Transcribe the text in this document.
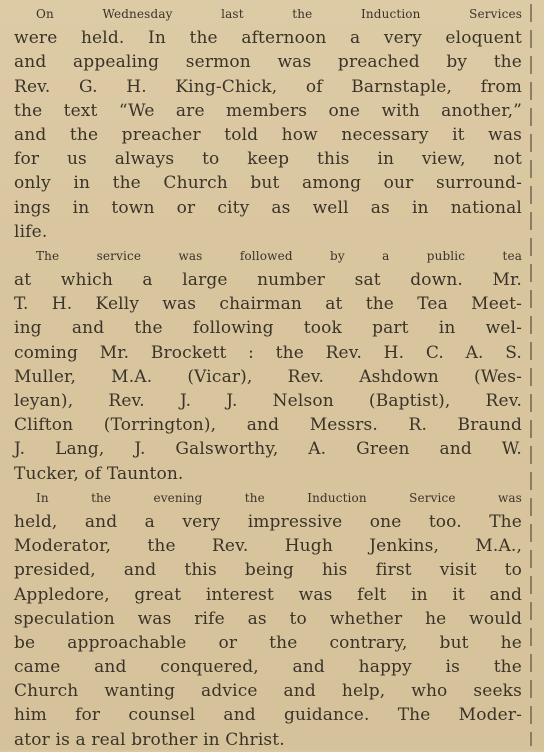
On Wednesday last the Induction Services
were held. In the afternoon a very eloquent
and appealing sermon was preached by the
Rev. G. H. King-Chick, of Barnstaple, from
the text “We are members one with another,”
and the preacher told how necessary it was
for us always to keep this in view, not
only in the Church but among our surround-
ings in town or city as well as in national
life.

The service was followed by a public tea
at which a large number sat down. Mr.
T. H. Kelly was chairman at the Tea Meet-
ing and the following took part in wel-
coming Mr. Brockett : the Rev. H. C. A. S.
Muller, M.A. (Vicar), Rev. Ashdown (Wes-
leyan), Rev. J. J. Nelson (Baptist), Rev.
Clifton (Torrington), and Messrs. R. Braund
J. Lang, J. Galsworthy, A. Green and W.
Tucker, of Taunton.

In the evening the Induction Service was
held, and a very impressive one too. The
Moderator, the Rev. Hugh Jenkins, M.A.,
presided, and this being his first visit to
Appledore, great interest was felt in it and
speculation was rife as to whether he would
be approachable or the contrary, but he
came and conquered, and happy is the
Church wanting advice and help, who seeks
him for counsel and guidance. The Moder-
ator is a real brother in Christ.
